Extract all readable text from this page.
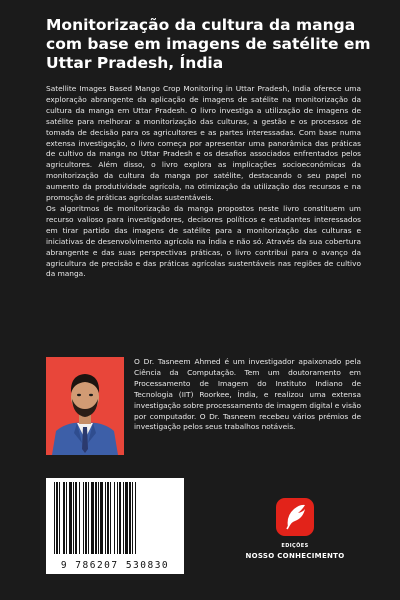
Monitorização da cultura da manga com base em imagens de satélite em Uttar Pradesh, Índia

Satellite Images Based Mango Crop Monitoring in Uttar Pradesh, India oferece uma exploração abrangente da aplicação de imagens de satélite na monitorização da cultura da manga em Uttar Pradesh. O livro investiga a utilização de imagens de satélite para melhorar a monitorização das culturas, a gestão e os processos de tomada de decisão para os agricultores e as partes interessadas. Com base numa extensa investigação, o livro começa por apresentar uma panorâmica das práticas de cultivo da manga no Uttar Pradesh e os desafios associados enfrentados pelos agricultores. Além disso, o livro explora as implicações socioeconómicas da monitorização da cultura da manga por satélite, destacando o seu papel no aumento da produtividade agrícola, na otimização da utilização dos recursos e na promoção de práticas agrícolas sustentáveis.

Os algoritmos de monitorização da manga propostos neste livro constituem um recurso valioso para investigadores, decisores políticos e estudantes interessados em tirar partido das imagens de satélite para a monitorização das culturas e iniciativas de desenvolvimento agrícola na Índia e não só. Através da sua cobertura abrangente e das suas perspectivas práticas, o livro contribui para o avanço da agricultura de precisão e das práticas agrícolas sustentáveis nas regiões de cultivo da manga.

O Dr. Tasneem Ahmed é um investigador apaixonado pela Ciência da Computação. Tem um doutoramento em Processamento de Imagem do Instituto Indiano de Tecnologia (IIT) Roorkee, Índia, e realizou uma extensa investigação sobre processamento de imagem digital e visão por computador. O Dr. Tasneem recebeu vários prémios de investigação pelos seus trabalhos notáveis.

9 786207 530830

EDIÇÕES

NOSSO CONHECIMENTO
